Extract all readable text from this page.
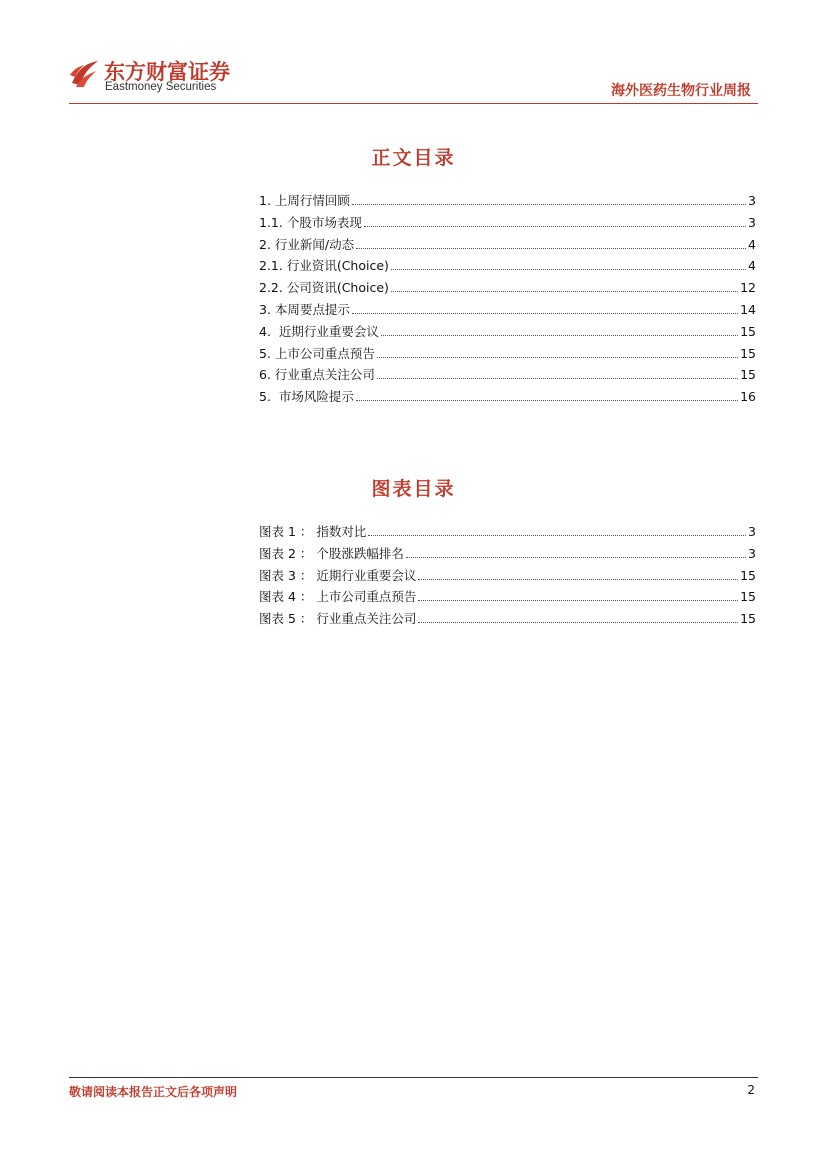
东方财富证券
Eastmoney Securities	海外医药生物行业周报
正文目录
1. 上周行情回顾	3
1.1. 个股市场表现	3
2. 行业新闻/动态	4
2.1. 行业资讯(Choice)	4
2.2. 公司资讯(Choice)	12
3. 本周要点提示	14
4.  近期行业重要会议	15
5. 上市公司重点预告	15
6. 行业重点关注公司	15
5.  市场风险提示	16
图表目录
图表 1 ： 指数对比	3
图表 2 ： 个股涨跌幅排名	3
图表 3 ： 近期行业重要会议	15
图表 4 ： 上市公司重点预告	15
图表 5 ： 行业重点关注公司	15
敬请阅读本报告正文后各项声明	2
